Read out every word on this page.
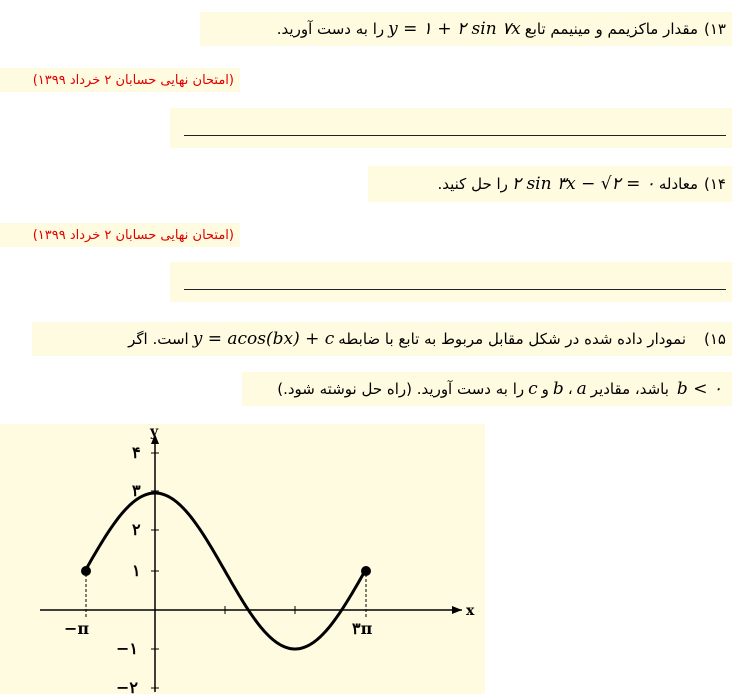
۱۳)
مقدار ماکزیمم و مینیمم تابع
y = ۱ + ۲ sin ۷x
را به دست آورید.
(امتحان نهایی حسابان ۲ خرداد ۱۳۹۹)
۱۴)
معادله
۲ sin ۳x − √۲ = ۰
را حل کنید.
(امتحان نهایی حسابان ۲ خرداد ۱۳۹۹)
۱۵)
نمودار داده شده در شکل مقابل مربوط به تابع با ضابطه
y = acos(bx) + c
است. اگر
b < ۰
باشد، مقادیر
a
،
b
و
c
را به دست آورید. (راه حل نوشته شود.)
x
y
۴
۳
۲
۱
−۱
−۲
−π	۳π
